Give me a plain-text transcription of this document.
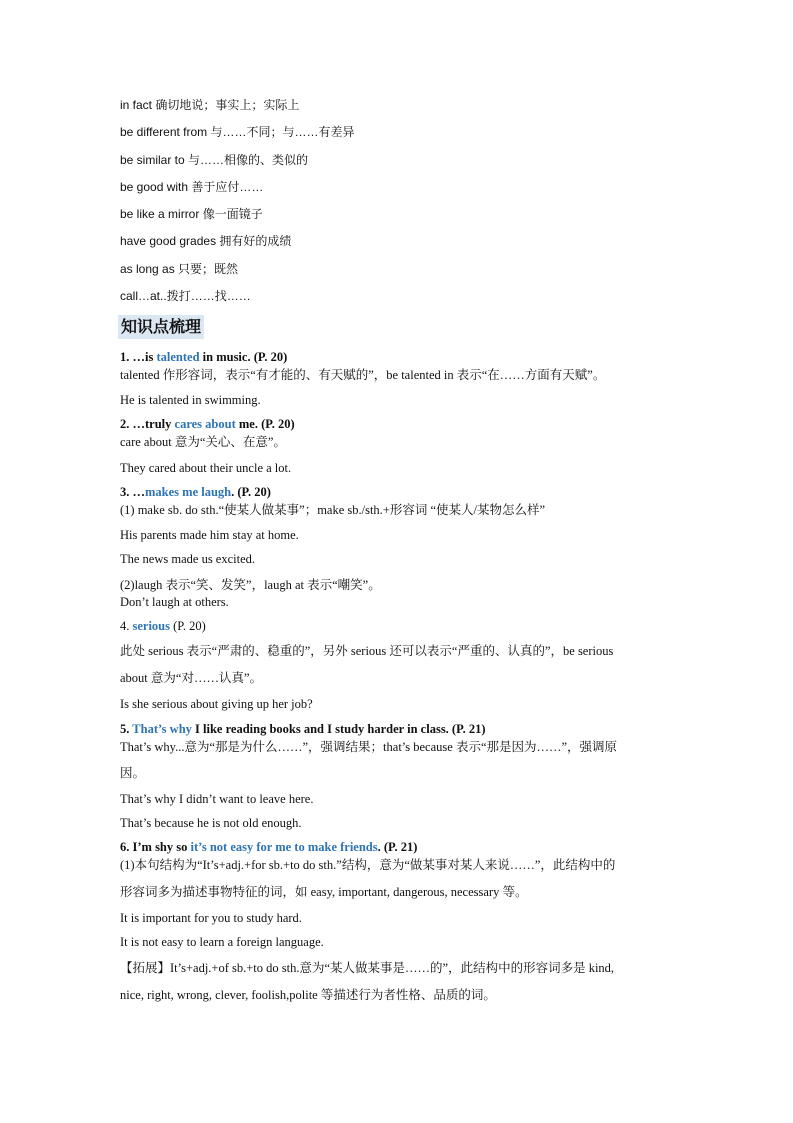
in fact 确切地说；事实上；实际上
be different from 与……不同；与……有差异
be similar to 与……相像的、类似的
be good with 善于应付……
be like a mirror 像一面镜子
have good grades 拥有好的成绩
as long as 只要；既然
call…at..拨打……找……
知识点梳理
1. …is talented in music. (P. 20)
talented 作形容词，表示“有才能的、有天赋的”，be talented in 表示“在……方面有天赋”。
He is talented in swimming.
2. …truly cares about me. (P. 20)
care about 意为“关心、在意”。
They cared about their uncle a lot.
3. …makes me laugh. (P. 20)
(1) make sb. do sth.“使某人做某事”；make sb./sth.+形容词 “使某人/某物怎么样”
His parents made him stay at home.
The news made us excited.
(2)laugh 表示“笑、发笑”，laugh at 表示“嘲笑”。
Don’t laugh at others.
4. serious (P. 20)
此处 serious 表示“严肃的、稳重的”，另外 serious 还可以表示“严重的、认真的”，be serious
about 意为“对……认真”。
Is she serious about giving up her job?
5. That’s why I like reading books and I study harder in class. (P. 21)
That’s why...意为“那是为什么……”，强调结果；that’s because 表示“那是因为……”，强调原
因。
That’s why I didn’t want to leave here.
That’s because he is not old enough.
6. I’m shy so it’s not easy for me to make friends. (P. 21)
(1)本句结构为“It’s+adj.+for sb.+to do sth.”结构，意为“做某事对某人来说……”，此结构中的
形容词多为描述事物特征的词，如 easy, important, dangerous, necessary 等。
It is important for you to study hard.
It is not easy to learn a foreign language.
【拓展】It’s+adj.+of sb.+to do sth.意为“某人做某事是……的”，此结构中的形容词多是 kind,
nice, right, wrong, clever, foolish,polite 等描述行为者性格、品质的词。
